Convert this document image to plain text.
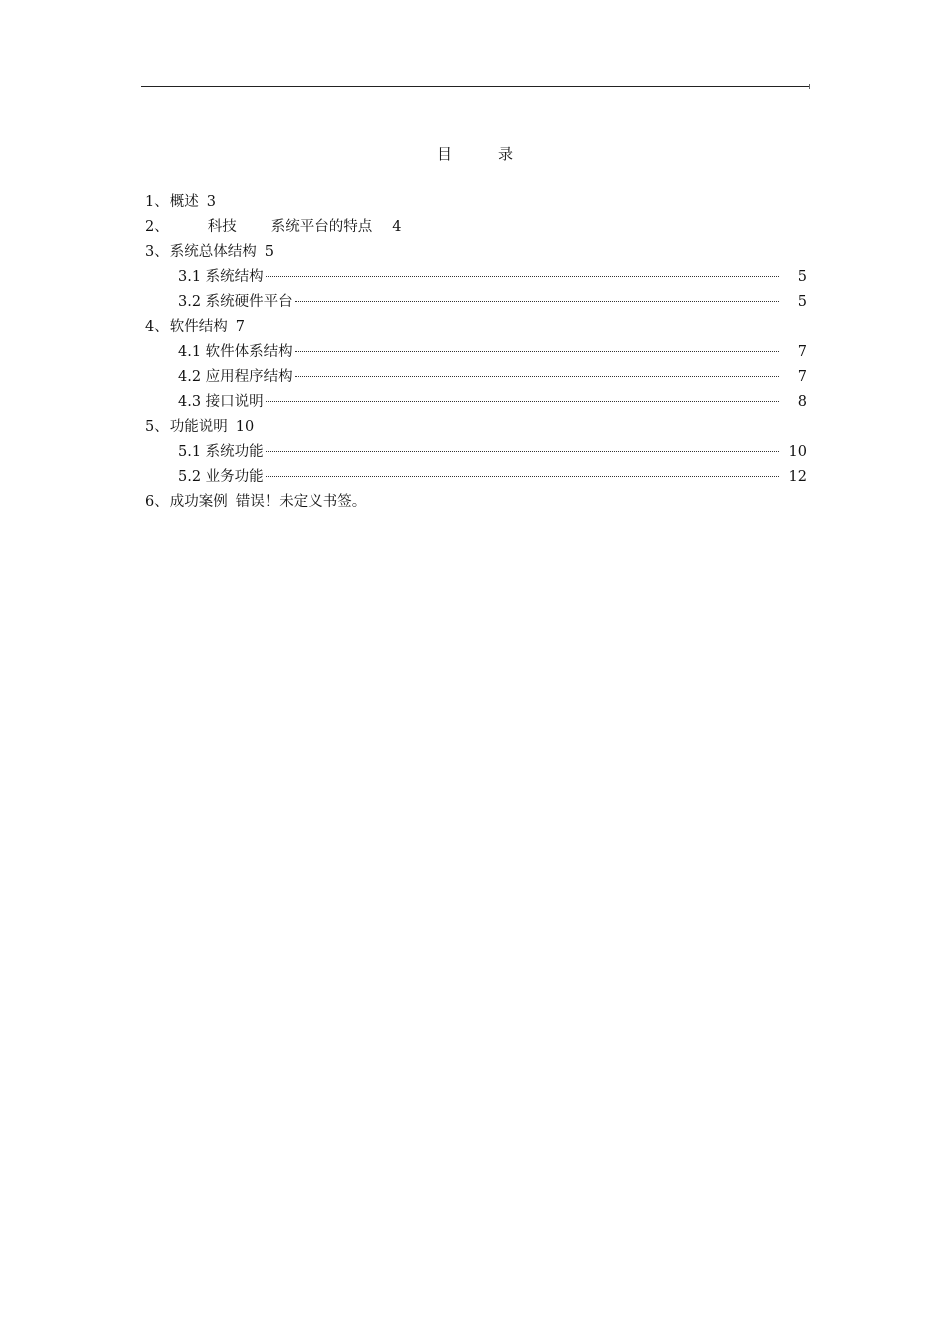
目	录
1、概述 3
2、	科技 系统平台的特点 4
3、系统总体结构 5
3.1 系统结构	5
3.2 系统硬件平台	5
4、软件结构 7
4.1 软件体系结构	7
4.2 应用程序结构	7
4.3 接口说明	8
5、功能说明 10
5.1 系统功能	10
5.2 业务功能	12
6、成功案例 错误！未定义书签。
